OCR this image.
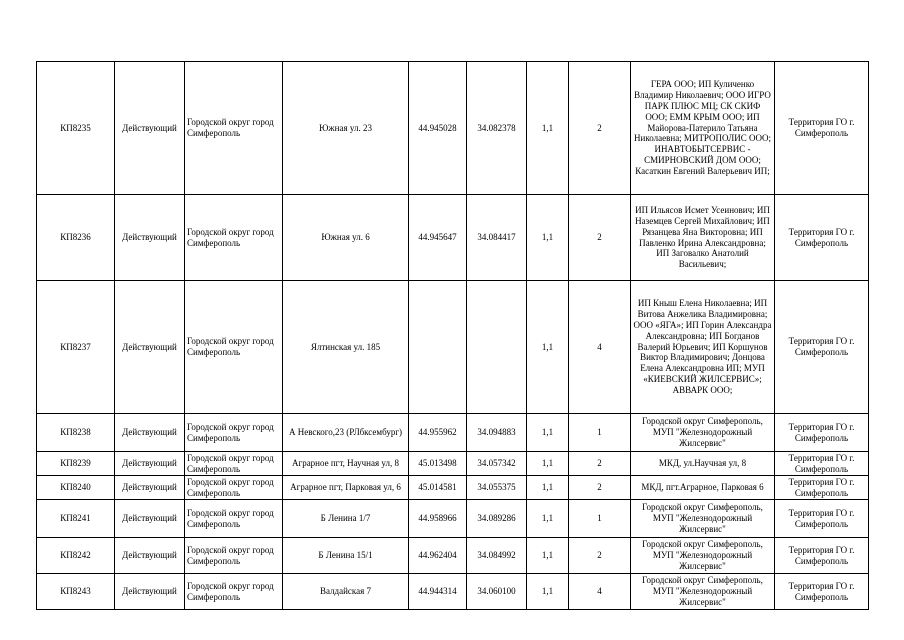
КП8235	Действующий	Городской округ город Симферополь	Южная ул. 23	44.945028	34.082378	1,1	2	ГЕРА ООО; ИП Куличенко Владимир Николаевич; ООО ИГРО ПАРК ПЛЮС МЦ; СК СКИФ ООО; ЕММ КРЫМ ООО; ИП Майорова-Патерило Татьяна Николаевна; МИТРОПОЛИС ООО; ИНАВТОБЫТСЕРВИС - СМИРНОВСКИЙ ДОМ ООО; Касаткин Евгений Валерьевич ИП;	Территория ГО г. Симферополь
КП8236	Действующий	Городской округ город Симферополь	Южная ул. 6	44.945647	34.084417	1,1	2	ИП Ильясов Исмет Усеинович; ИП Наземцев Сергей Михайлович; ИП Рязанцева Яна Викторовна; ИП Павленко Ирина Александровна; ИП Заговалко Анатолий Васильевич;	Территория ГО г. Симферополь
КП8237	Действующий	Городской округ город Симферополь	Ялтинская ул. 185			1,1	4	ИП Кныш Елена Николаевна; ИП Витова Анжелика Владимировна; ООО «ЯГА»; ИП Горин Александра Александровна; ИП Богданов Валерий Юрьевич; ИП Коршунов Виктор Владимирович; Донцова Елена Александровна ИП; МУП «КИЕВСКИЙ ЖИЛСЕРВИС»; АВВАРК ООО;	Территория ГО г. Симферополь
КП8238	Действующий	Городской округ город Симферополь	А Невского,23 (РЛбксембург)	44.955962	34.094883	1,1	1	Городской округ Симферополь, МУП "Железнодорожный Жилсервис"	Территория ГО г. Симферополь
КП8239	Действующий	Городской округ город Симферополь	Аграрное пгт, Научная ул, 8	45.013498	34.057342	1,1	2	МКД, ул.Научная ул, 8	Территория ГО г. Симферополь
КП8240	Действующий	Городской округ город Симферополь	Аграрное пгт, Парковая ул, 6	45.014581	34.055375	1,1	2	МКД, пгт.Аграрное, Парковая 6	Территория ГО г. Симферополь
КП8241	Действующий	Городской округ город Симферополь	Б Ленина 1/7	44.958966	34.089286	1,1	1	Городской округ Симферополь, МУП "Железнодорожный Жилсервис"	Территория ГО г. Симферополь
КП8242	Действующий	Городской округ город Симферополь	Б Ленина 15/1	44.962404	34.084992	1,1	2	Городской округ Симферополь, МУП "Железнодорожный Жилсервис"	Территория ГО г. Симферополь
КП8243	Действующий	Городской округ город Симферополь	Валдайская 7	44.944314	34.060100	1,1	4	Городской округ Симферополь, МУП "Железнодорожный Жилсервис"	Территория ГО г. Симферополь
